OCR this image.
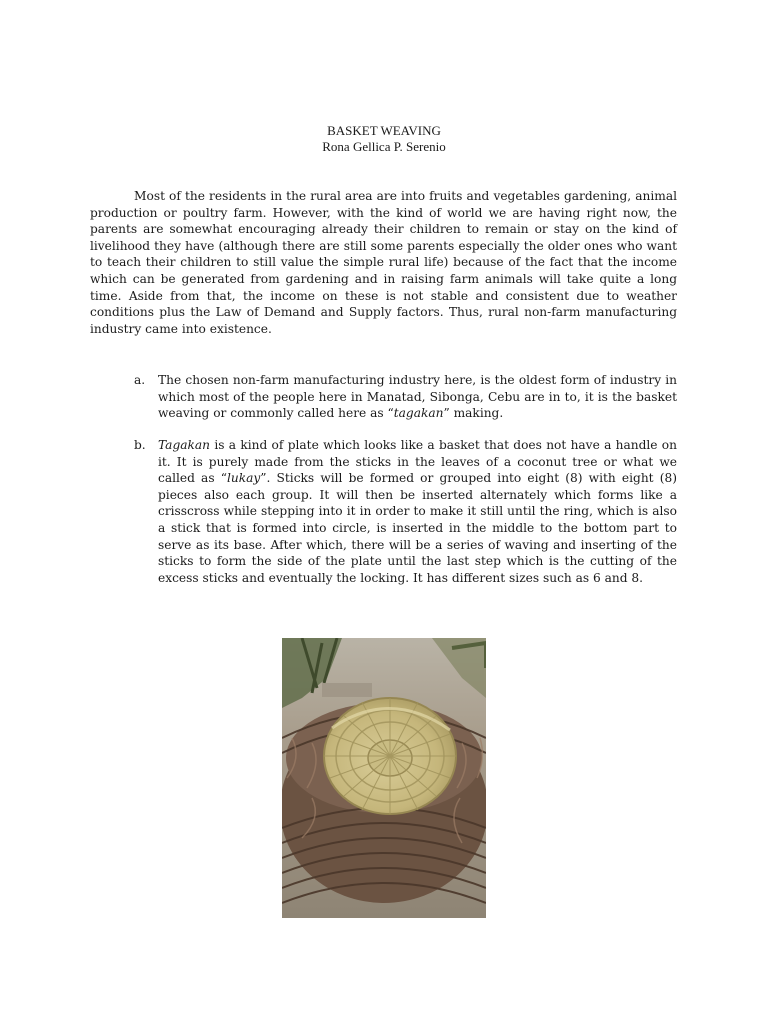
BASKET WEAVING
Rona Gellica P. Serenio

Most of the residents in the rural area are into fruits and vegetables gardening, animal production or poultry farm. However, with the kind of world we are having right now, the parents are somewhat encouraging already their children to remain or stay on the kind of livelihood they have (although there are still some parents especially the older ones who want to teach their children to still value the simple rural life) because of the fact that the income which can be generated from gardening and in raising farm animals will take quite a long time. Aside from that, the income on these is not stable and consistent due to weather conditions plus the Law of Demand and Supply factors. Thus, rural non-farm manufacturing industry came into existence.

a. The chosen non-farm manufacturing industry here, is the oldest form of industry in which most of the people here in Manatad, Sibonga, Cebu are in to, it is the basket weaving or commonly called here as “tagakan” making.

b. Tagakan is a kind of plate which looks like a basket that does not have a handle on it. It is purely made from the sticks in the leaves of a coconut tree or what we called as “lukay”. Sticks will be formed or grouped into eight (8) with eight (8) pieces also each group. It will then be inserted alternately which forms like a crisscross while stepping into it in order to make it still until the ring, which is also a stick that is formed into circle, is inserted in the middle to the bottom part to serve as its base. After which, there will be a series of waving and inserting of the sticks to form the side of the plate until the last step which is the cutting of the excess sticks and eventually the locking. It has different sizes such as 6 and 8.
